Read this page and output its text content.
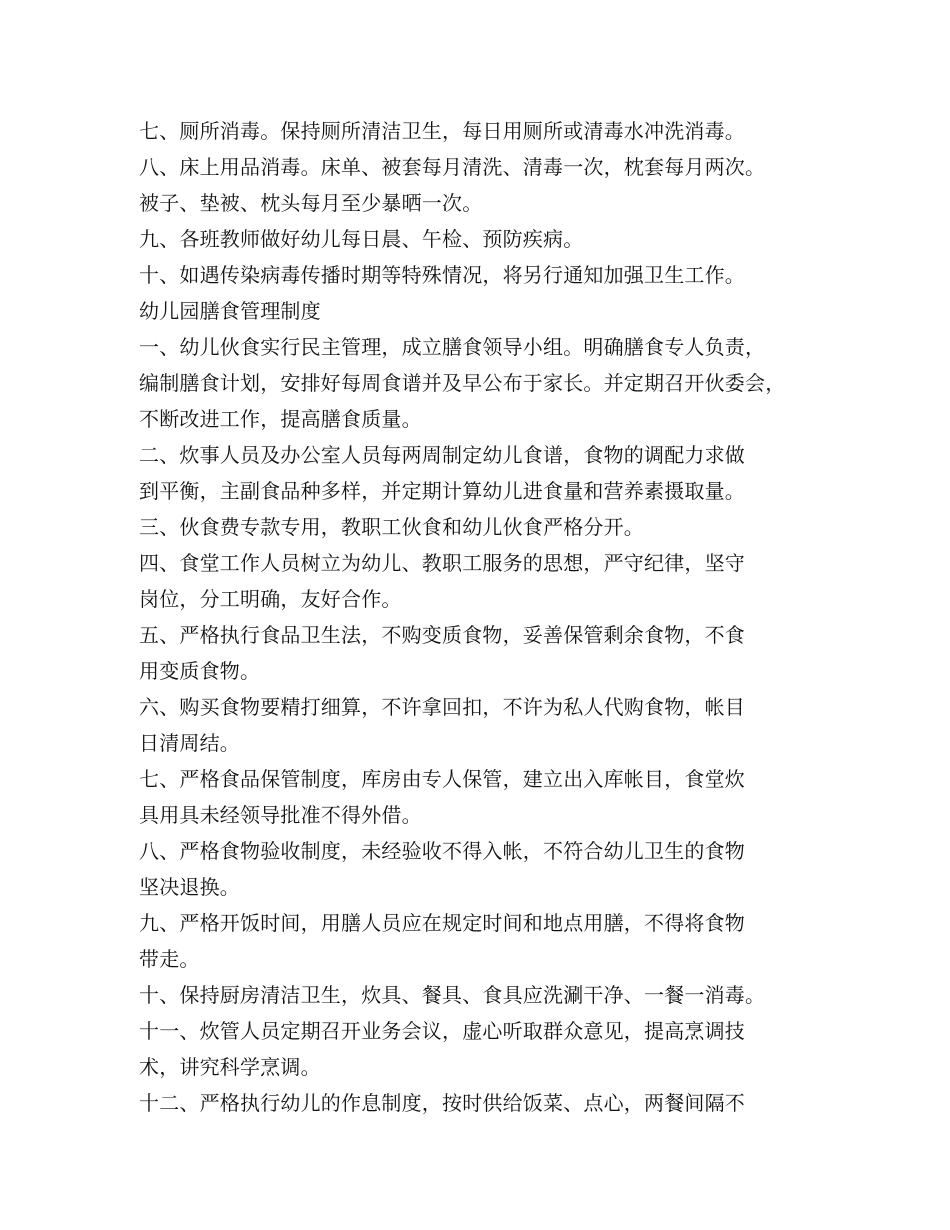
七、厕所消毒。保持厕所清洁卫生，每日用厕所或清毒水冲洗消毒。
八、床上用品消毒。床单、被套每月清洗、清毒一次，枕套每月两次。
被子、垫被、枕头每月至少暴晒一次。
九、各班教师做好幼儿每日晨、午检、预防疾病。
十、如遇传染病毒传播时期等特殊情况，将另行通知加强卫生工作。
幼儿园膳食管理制度
一、幼儿伙食实行民主管理，成立膳食领导小组。明确膳食专人负责，
编制膳食计划，安排好每周食谱并及早公布于家长。并定期召开伙委会，
不断改进工作，提高膳食质量。
二、炊事人员及办公室人员每两周制定幼儿食谱，食物的调配力求做
到平衡，主副食品种多样，并定期计算幼儿进食量和营养素摄取量。
三、伙食费专款专用，教职工伙食和幼儿伙食严格分开。
四、食堂工作人员树立为幼儿、教职工服务的思想，严守纪律，坚守
岗位，分工明确，友好合作。
五、严格执行食品卫生法，不购变质食物，妥善保管剩余食物，不食
用变质食物。
六、购买食物要精打细算，不许拿回扣，不许为私人代购食物，帐目
日清周结。
七、严格食品保管制度，库房由专人保管，建立出入库帐目，食堂炊
具用具未经领导批准不得外借。
八、严格食物验收制度，未经验收不得入帐，不符合幼儿卫生的食物
坚决退换。
九、严格开饭时间，用膳人员应在规定时间和地点用膳，不得将食物
带走。
十、保持厨房清洁卫生，炊具、餐具、食具应洗涮干净、一餐一消毒。
十一、炊管人员定期召开业务会议，虚心听取群众意见，提高烹调技
术，讲究科学烹调。
十二、严格执行幼儿的作息制度，按时供给饭菜、点心，两餐间隔不
